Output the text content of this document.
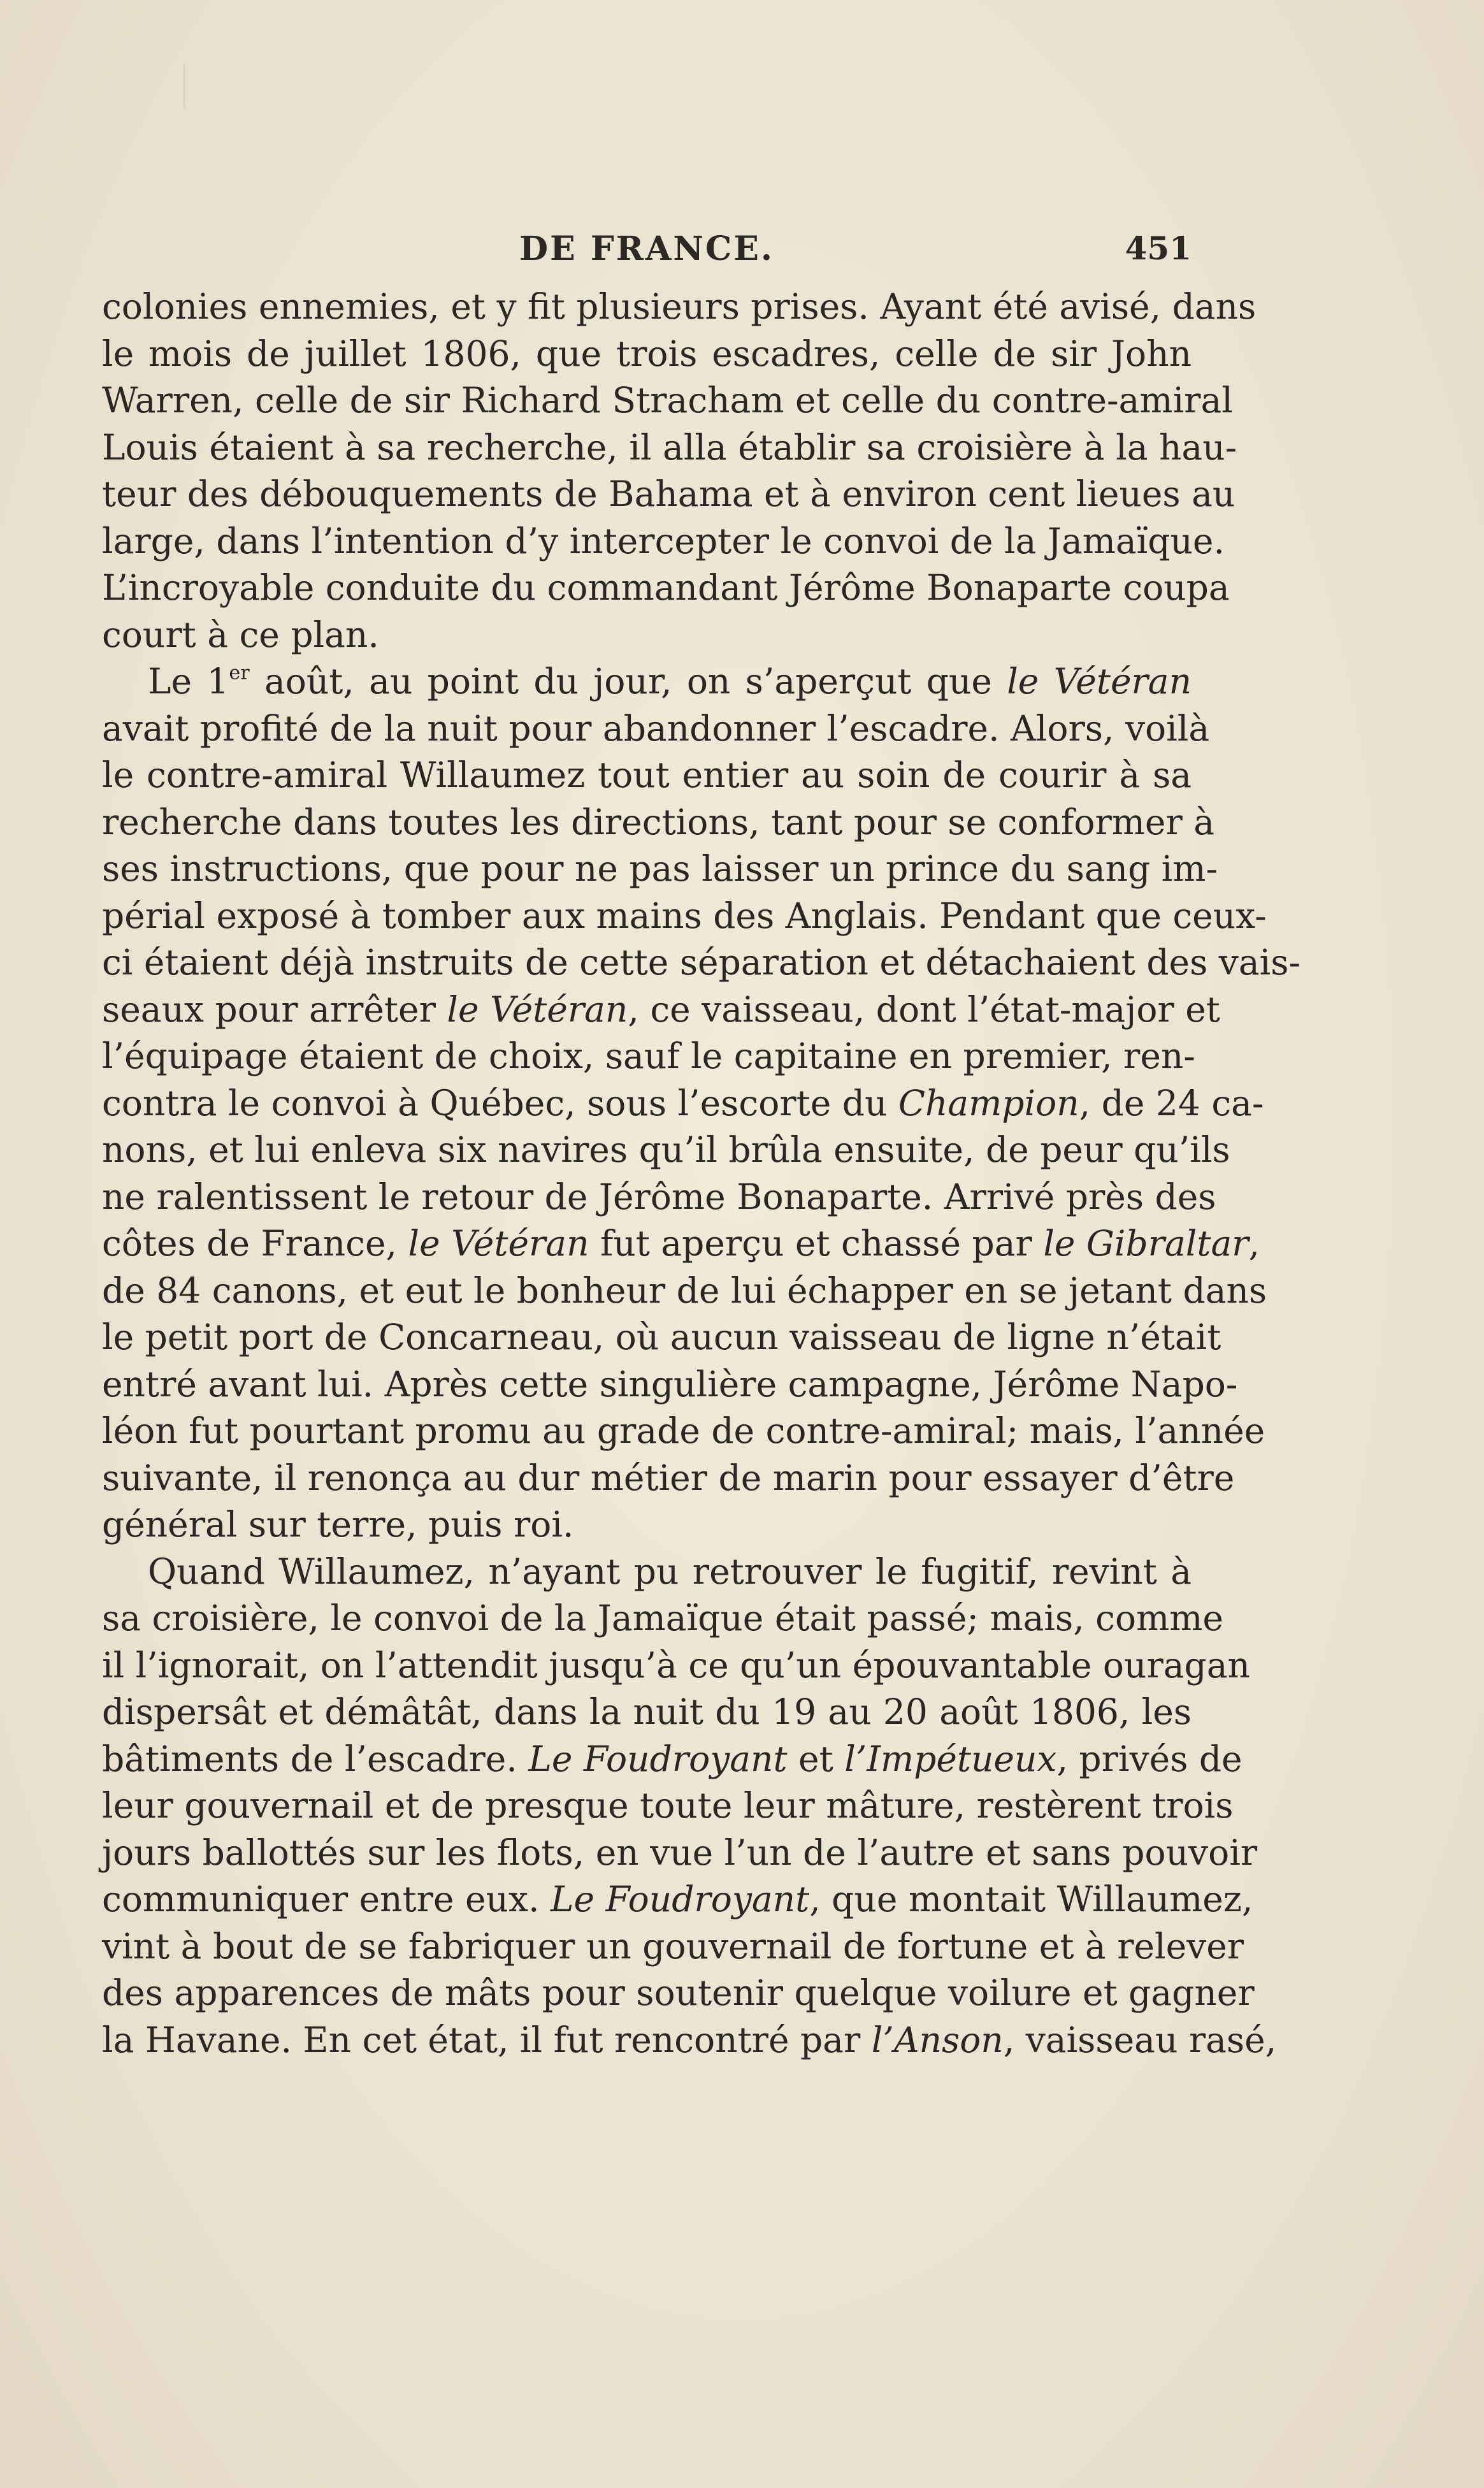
DE FRANCE.	451
colonies ennemies, et y fit plusieurs prises. Ayant été avisé, dans
le mois de juillet 1806, que trois escadres, celle de sir John
Warren, celle de sir Richard Stracham et celle du contre-amiral
Louis étaient à sa recherche, il alla établir sa croisière à la hau-
teur des débouquements de Bahama et à environ cent lieues au
large, dans l’intention d’y intercepter le convoi de la Jamaïque.
L’incroyable conduite du commandant Jérôme Bonaparte coupa
court à ce plan.
Le 1er août, au point du jour, on s’aperçut que le Vétéran
avait profité de la nuit pour abandonner l’escadre. Alors, voilà
le contre-amiral Willaumez tout entier au soin de courir à sa
recherche dans toutes les directions, tant pour se conformer à
ses instructions, que pour ne pas laisser un prince du sang im-
périal exposé à tomber aux mains des Anglais. Pendant que ceux-
ci étaient déjà instruits de cette séparation et détachaient des vais-
seaux pour arrêter le Vétéran, ce vaisseau, dont l’état-major et
l’équipage étaient de choix, sauf le capitaine en premier, ren-
contra le convoi à Québec, sous l’escorte du Champion, de 24 ca-
nons, et lui enleva six navires qu’il brûla ensuite, de peur qu’ils
ne ralentissent le retour de Jérôme Bonaparte. Arrivé près des
côtes de France, le Vétéran fut aperçu et chassé par le Gibraltar,
de 84 canons, et eut le bonheur de lui échapper en se jetant dans
le petit port de Concarneau, où aucun vaisseau de ligne n’était
entré avant lui. Après cette singulière campagne, Jérôme Napo-
léon fut pourtant promu au grade de contre-amiral; mais, l’année
suivante, il renonça au dur métier de marin pour essayer d’être
général sur terre, puis roi.
Quand Willaumez, n’ayant pu retrouver le fugitif, revint à
sa croisière, le convoi de la Jamaïque était passé; mais, comme
il l’ignorait, on l’attendit jusqu’à ce qu’un épouvantable ouragan
dispersât et démâtât, dans la nuit du 19 au 20 août 1806, les
bâtiments de l’escadre. Le Foudroyant et l’Impétueux, privés de
leur gouvernail et de presque toute leur mâture, restèrent trois
jours ballottés sur les flots, en vue l’un de l’autre et sans pouvoir
communiquer entre eux. Le Foudroyant, que montait Willaumez,
vint à bout de se fabriquer un gouvernail de fortune et à relever
des apparences de mâts pour soutenir quelque voilure et gagner
la Havane. En cet état, il fut rencontré par l’Anson, vaisseau rasé,
